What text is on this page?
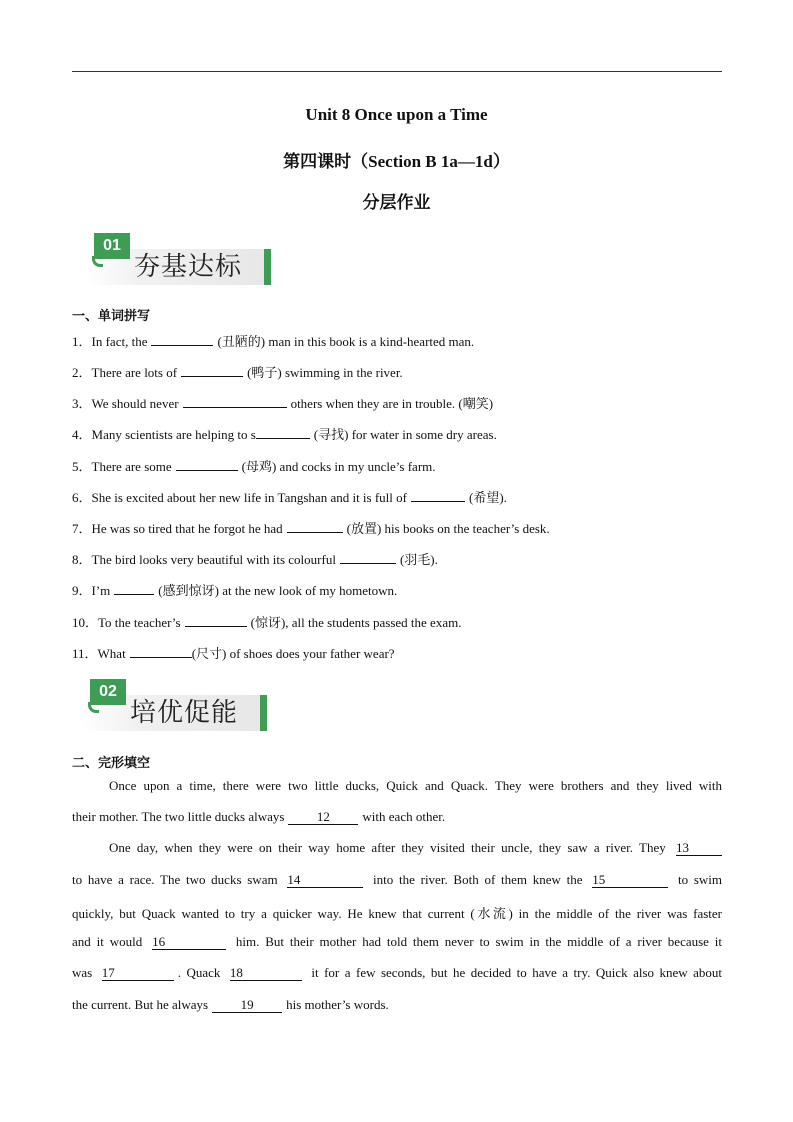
Unit 8 Once upon a Time
第四课时（Section B 1a—1d）
分层作业
01
夯基达标
一、单词拼写
1．In fact, the	(丑陋的) man in this book is a kind-hearted man.
2．There are lots of	(鸭子) swimming in the river.
3．We should never	others when they are in trouble. (嘲笑)
4．Many scientists are helping to s	(寻找) for water in some dry areas.
5．There are some	(母鸡) and cocks in my uncle’s farm.
6．She is excited about her new life in Tangshan and it is full of	(希望).
7．He was so tired that he forgot he had	(放置) his books on the teacher’s desk.
8．The bird looks very beautiful with its colourful	(羽毛).
9．I’m	(感到惊讶) at the new look of my hometown.
10．To the teacher’s	(惊讶), all the students passed the exam.
11．What	(尺寸) of shoes does your father wear?
02
培优促能
二、完形填空
Once upon a time, there were two little ducks, Quick and Quack. They were brothers and they lived with
their mother. The two little ducks always	12	with each other.
One day, when they were on their way home after they visited their uncle, they saw a river. They 13
to have a race. The two ducks swam 14	into the river. Both of them knew the 15	to swim
quickly, but Quack wanted to try a quicker way. He knew that current (水流) in the middle of the river was faster
and it would 16	him. But their mother had told them never to swim in the middle of a river because it
was 17	. Quack 18	it for a few seconds, but he decided to have a try. Quick also knew about
the current. But he always	19	his mother’s words.
